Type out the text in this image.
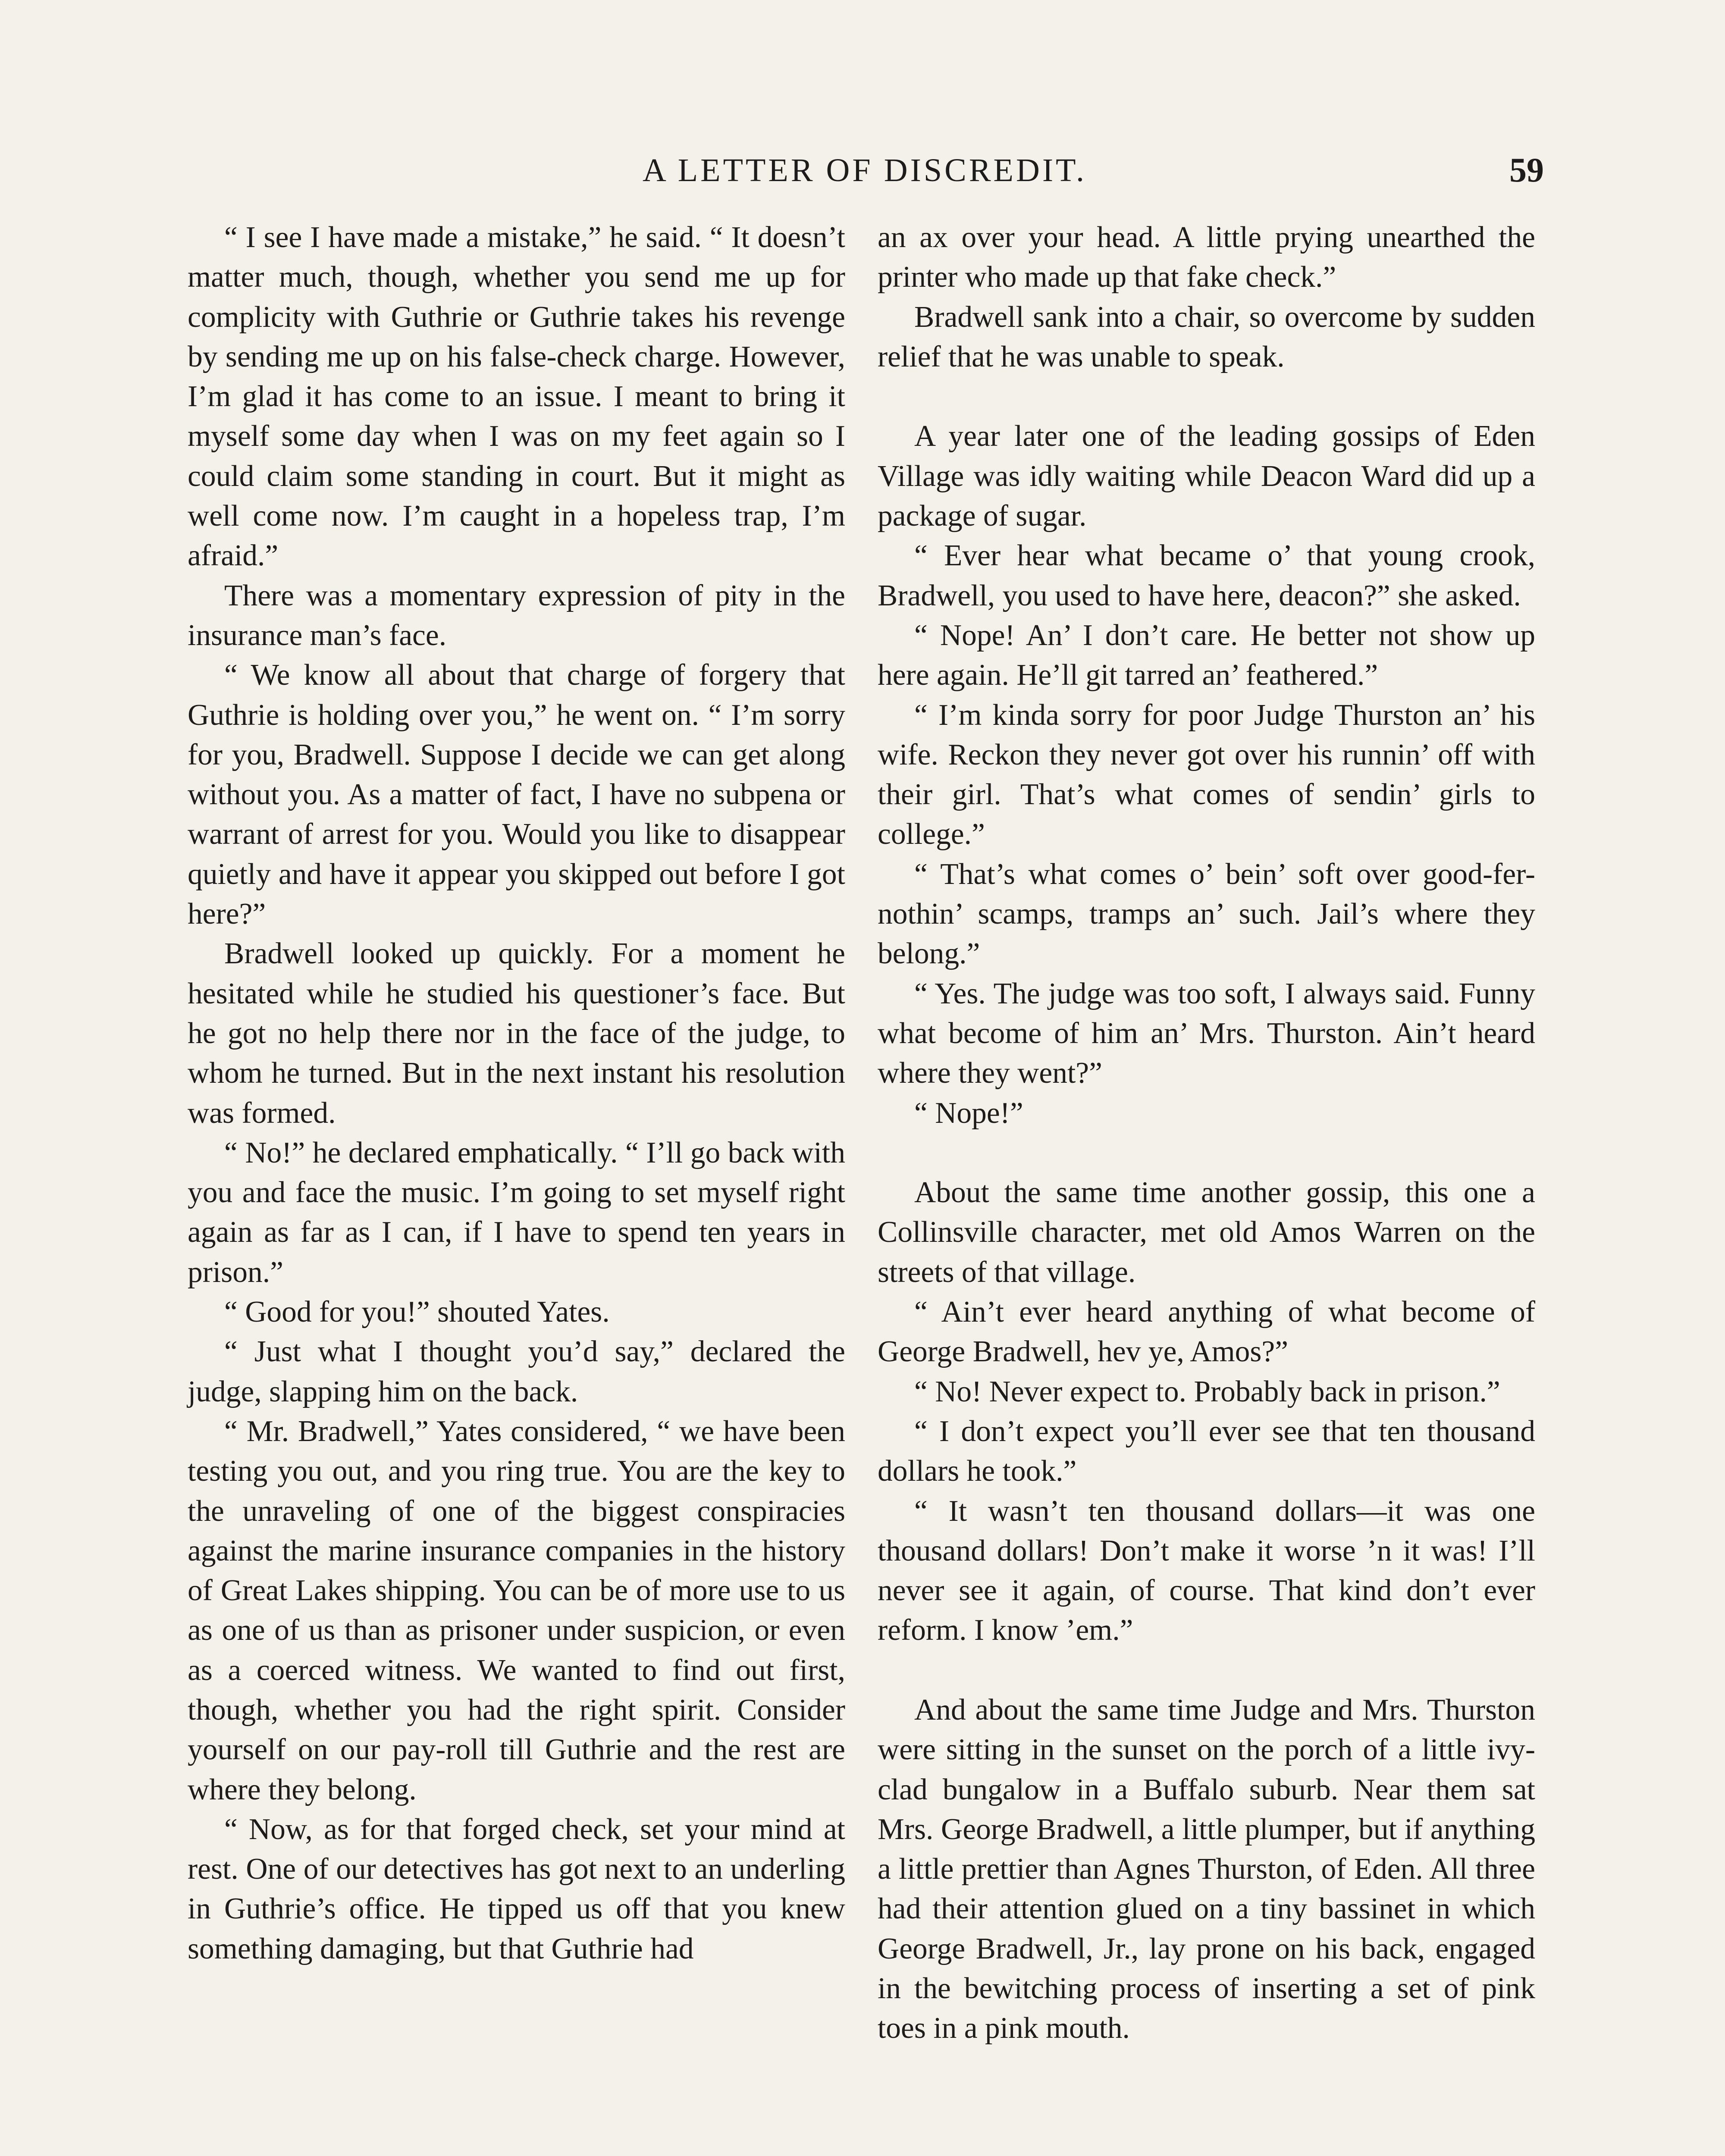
A LETTER OF DISCREDIT.	59

“ I see I have made a mistake,” he said. “ It doesn’t matter much, though, whether you send me up for complicity with Guthrie or Guthrie takes his revenge by sending me up on his false-check charge. However, I’m glad it has come to an issue. I meant to bring it myself some day when I was on my feet again so I could claim some standing in court. But it might as well come now. I’m caught in a hopeless trap, I’m afraid.”

There was a momentary expression of pity in the insurance man’s face.

“ We know all about that charge of forgery that Guthrie is holding over you,” he went on. “ I’m sorry for you, Bradwell. Suppose I decide we can get along without you. As a matter of fact, I have no subpena or warrant of arrest for you. Would you like to disappear quietly and have it appear you skipped out before I got here?”

Bradwell looked up quickly. For a moment he hesitated while he studied his questioner’s face. But he got no help there nor in the face of the judge, to whom he turned. But in the next instant his resolution was formed.

“ No!” he declared emphatically. “ I’ll go back with you and face the music. I’m going to set myself right again as far as I can, if I have to spend ten years in prison.”

“ Good for you!” shouted Yates.

“ Just what I thought you’d say,” declared the judge, slapping him on the back.

“ Mr. Bradwell,” Yates considered, “ we have been testing you out, and you ring true. You are the key to the unraveling of one of the biggest conspiracies against the marine insurance companies in the history of Great Lakes shipping. You can be of more use to us as one of us than as prisoner under suspicion, or even as a coerced witness. We wanted to find out first, though, whether you had the right spirit. Consider yourself on our pay-roll till Guthrie and the rest are where they belong.

“ Now, as for that forged check, set your mind at rest. One of our detectives has got next to an underling in Guthrie’s office. He tipped us off that you knew something damaging, but that Guthrie had

an ax over your head. A little prying unearthed the printer who made up that fake check.”

Bradwell sank into a chair, so overcome by sudden relief that he was unable to speak.

A year later one of the leading gossips of Eden Village was idly waiting while Deacon Ward did up a package of sugar.

“ Ever hear what became o’ that young crook, Bradwell, you used to have here, deacon?” she asked.

“ Nope! An’ I don’t care. He better not show up here again. He’ll git tarred an’ feathered.”

“ I’m kinda sorry for poor Judge Thurston an’ his wife. Reckon they never got over his runnin’ off with their girl. That’s what comes of sendin’ girls to college.”

“ That’s what comes o’ bein’ soft over good-fer-nothin’ scamps, tramps an’ such. Jail’s where they belong.”

“ Yes. The judge was too soft, I always said. Funny what become of him an’ Mrs. Thurston. Ain’t heard where they went?”

“ Nope!”

About the same time another gossip, this one a Collinsville character, met old Amos Warren on the streets of that village.

“ Ain’t ever heard anything of what become of George Bradwell, hev ye, Amos?”

“ No! Never expect to. Probably back in prison.”

“ I don’t expect you’ll ever see that ten thousand dollars he took.”

“ It wasn’t ten thousand dollars—it was one thousand dollars! Don’t make it worse ’n it was! I’ll never see it again, of course. That kind don’t ever reform. I know ’em.”

And about the same time Judge and Mrs. Thurston were sitting in the sunset on the porch of a little ivy-clad bungalow in a Buffalo suburb. Near them sat Mrs. George Bradwell, a little plumper, but if anything a little prettier than Agnes Thurston, of Eden. All three had their attention glued on a tiny bassinet in which George Bradwell, Jr., lay prone on his back, engaged in the bewitching process of inserting a set of pink toes in a pink mouth.
